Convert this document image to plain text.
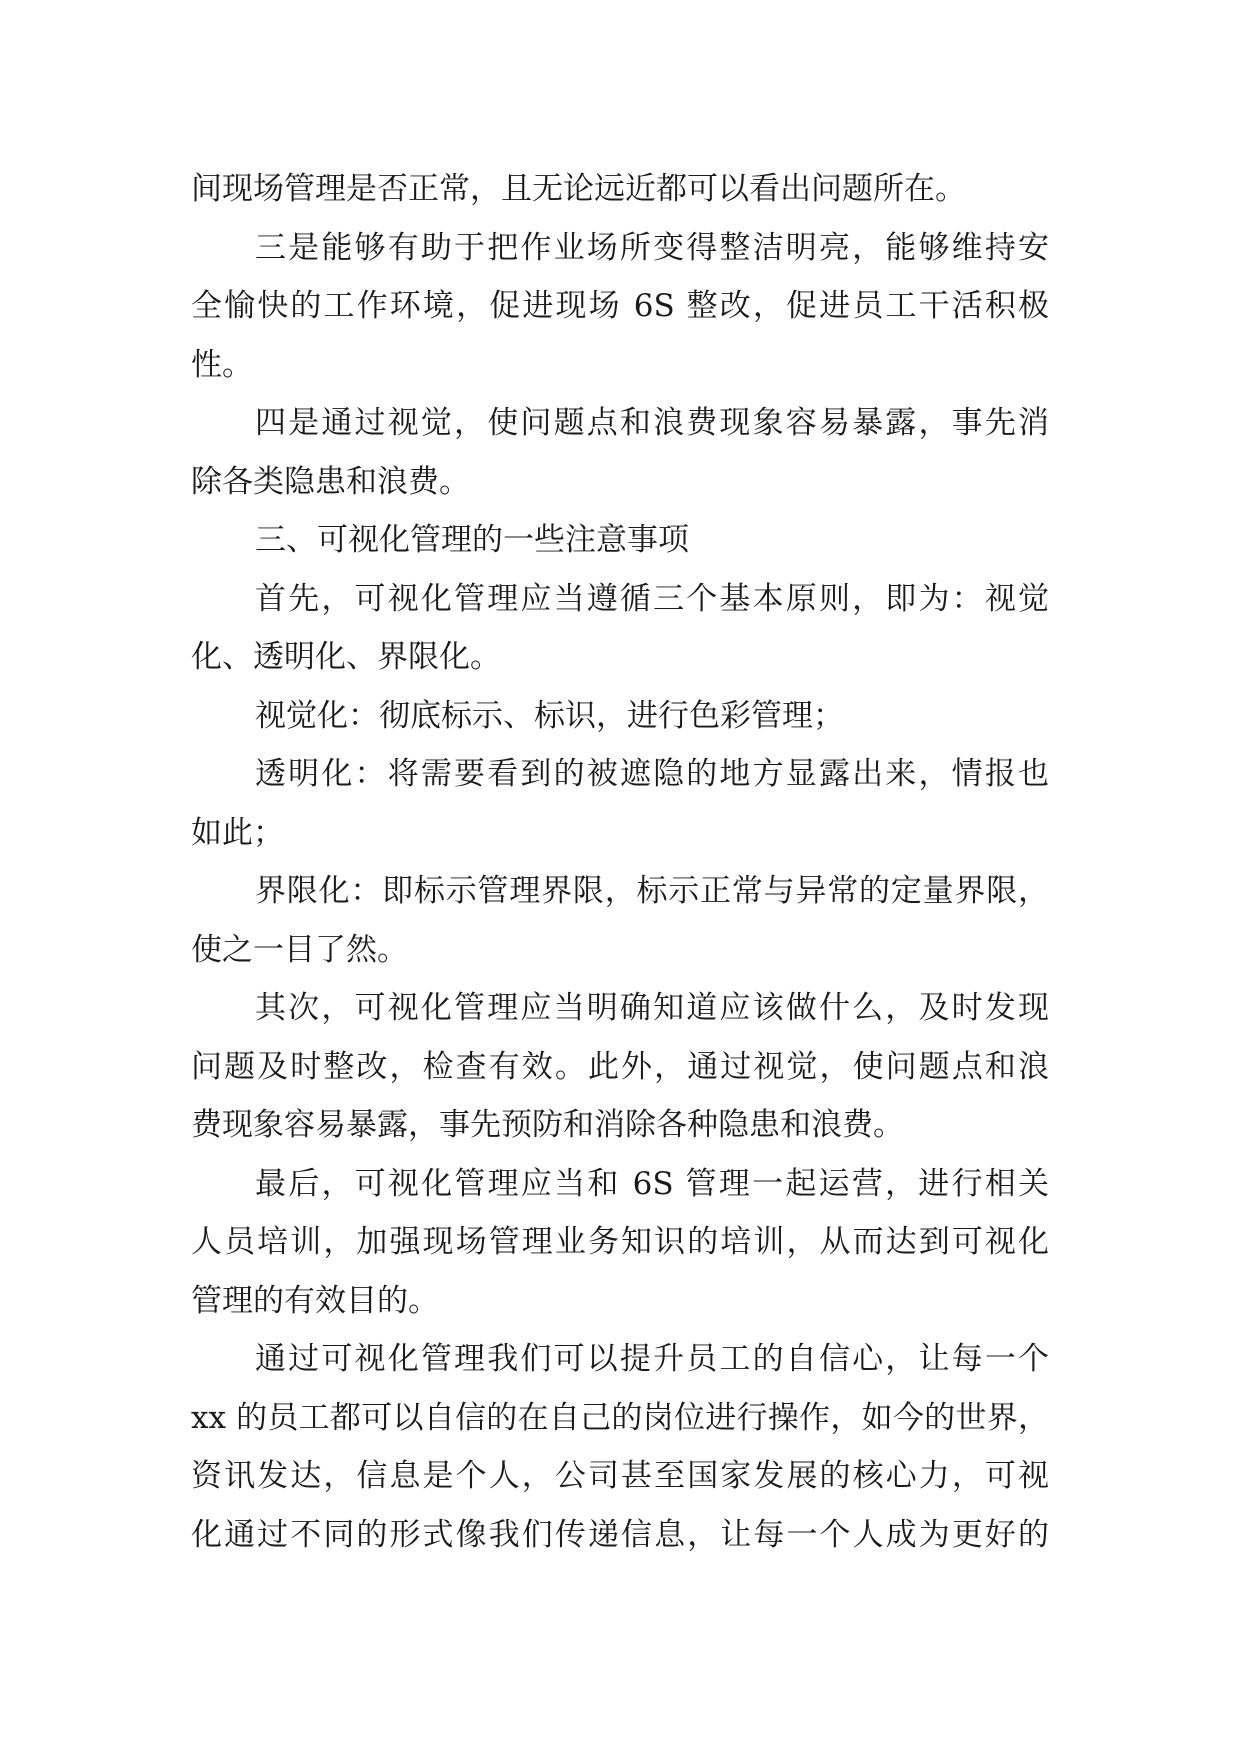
间现场管理是否正常，且无论远近都可以看出问题所在。
三是能够有助于把作业场所变得整洁明亮，能够维持安
全愉快的工作环境，促进现场 6S 整改，促进员工干活积极
性。
四是通过视觉，使问题点和浪费现象容易暴露，事先消
除各类隐患和浪费。
三、可视化管理的一些注意事项
首先，可视化管理应当遵循三个基本原则，即为：视觉
化、透明化、界限化。
视觉化：彻底标示、标识，进行色彩管理；
透明化：将需要看到的被遮隐的地方显露出来，情报也
如此；
界限化：即标示管理界限，标示正常与异常的定量界限，
使之一目了然。
其次，可视化管理应当明确知道应该做什么，及时发现
问题及时整改，检查有效。此外，通过视觉，使问题点和浪
费现象容易暴露，事先预防和消除各种隐患和浪费。
最后，可视化管理应当和 6S 管理一起运营，进行相关
人员培训，加强现场管理业务知识的培训，从而达到可视化
管理的有效目的。
通过可视化管理我们可以提升员工的自信心，让每一个
xx 的员工都可以自信的在自己的岗位进行操作，如今的世界，
资讯发达，信息是个人，公司甚至国家发展的核心力，可视
化通过不同的形式像我们传递信息，让每一个人成为更好的
